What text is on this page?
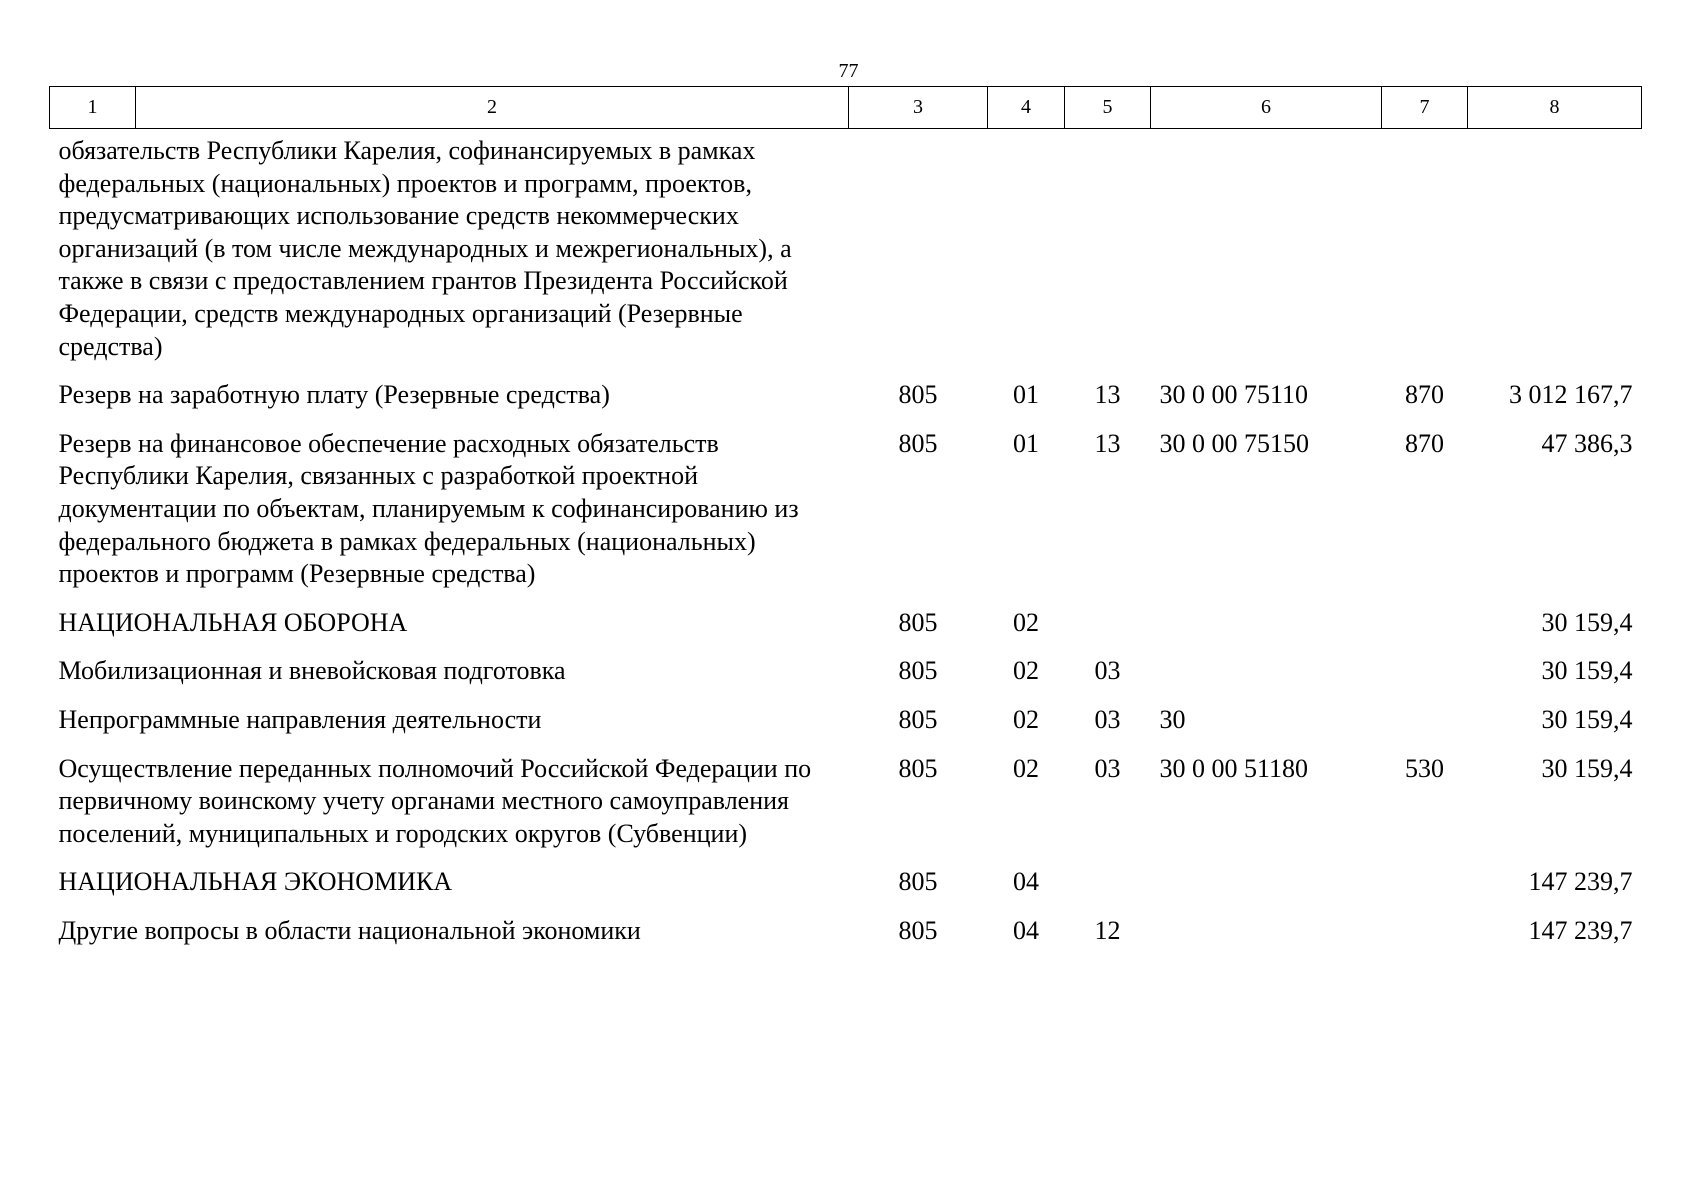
77
1	2	3	4	5	6	7	8
обязательств Республики Карелия, софинансируемых в рамках федеральных (национальных) проектов и программ, проектов, предусматривающих использование средств некоммерческих организаций (в том числе международных и межрегиональных), а также в связи с предоставлением грантов Президента Российской Федерации, средств международных организаций (Резервные средства)							
Резерв на заработную плату (Резервные средства)		805	01	13	30 0 00 75110	870	3 012 167,7
Резерв на финансовое обеспечение расходных обязательств Республики Карелия, связанных с разработкой проектной документации по объектам, планируемым к софинансированию из федерального бюджета в рамках федеральных (национальных) проектов и программ (Резервные средства)		805	01	13	30 0 00 75150	870	47 386,3
НАЦИОНАЛЬНАЯ ОБОРОНА		805	02				30 159,4
Мобилизационная и вневойсковая подготовка		805	02	03			30 159,4
Непрограммные направления деятельности		805	02	03	30		30 159,4
Осуществление переданных полномочий Российской Федерации по первичному воинскому учету органами местного самоуправления поселений, муниципальных и городских округов (Субвенции)		805	02	03	30 0 00 51180	530	30 159,4
НАЦИОНАЛЬНАЯ ЭКОНОМИКА		805	04				147 239,7
Другие вопросы в области национальной экономики		805	04	12			147 239,7
